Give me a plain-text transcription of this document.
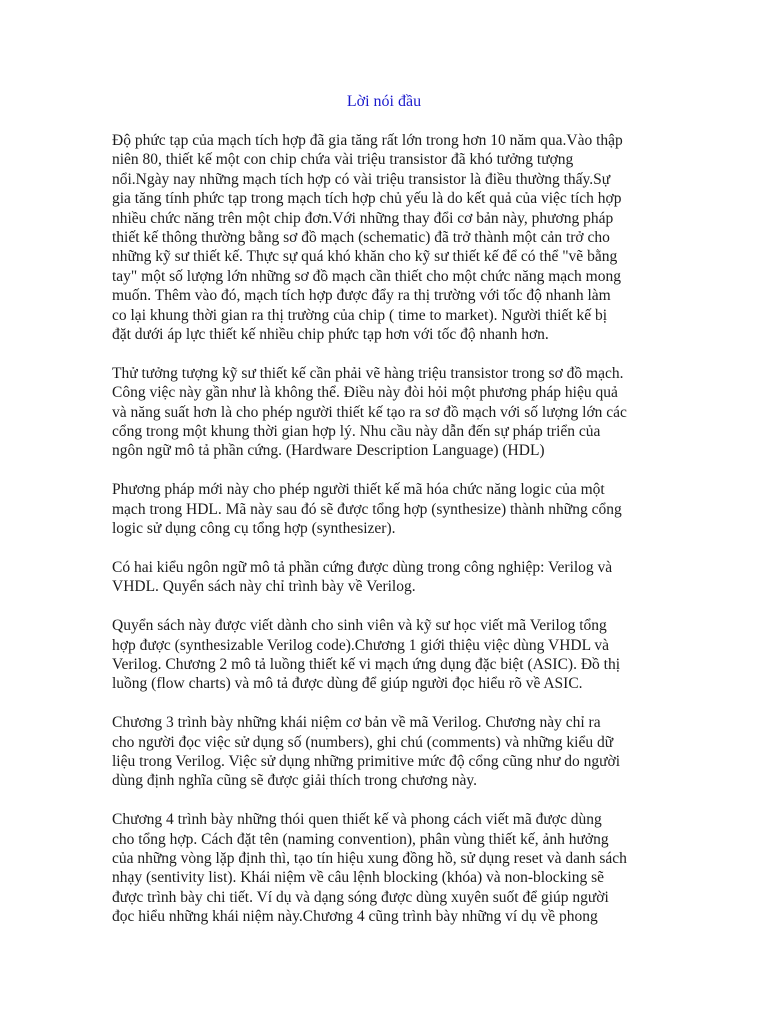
Lời nói đầu

Độ phức tạp của mạch tích hợp đã gia tăng rất lớn trong hơn 10 năm qua.Vào thập
niên 80, thiết kế một con chip chứa vài triệu transistor đã khó tưởng tượng
nổi.Ngày nay những mạch tích hợp có vài triệu transistor là điều thường thấy.Sự
gia tăng tính phức tạp trong mạch tích hợp chủ yếu là do kết quả của việc tích hợp
nhiều chức năng trên một chip đơn.Với những thay đổi cơ bản này, phương pháp
thiết kế thông thường bằng sơ đồ mạch (schematic) đã trở thành một cản trở cho
những kỹ sư thiết kế. Thực sự quá khó khăn cho kỹ sư thiết kế để có thể "vẽ bằng
tay" một số lượng lớn những sơ đồ mạch cần thiết cho một chức năng mạch mong
muốn. Thêm vào đó, mạch tích hợp được đẩy ra thị trường với tốc độ nhanh làm
co lại khung thời gian ra thị trường của chip ( time to market). Người thiết kế bị
đặt dưới áp lực thiết kế nhiều chip phức tạp hơn với tốc độ nhanh hơn.

Thử tưởng tượng kỹ sư thiết kế cần phải vẽ hàng triệu transistor trong sơ đồ mạch.
Công việc này gần như là không thể. Điều này đòi hỏi một phương pháp hiệu quả
và năng suất hơn là cho phép người thiết kế tạo ra sơ đồ mạch với số lượng lớn các
cổng trong một khung thời gian hợp lý. Nhu cầu này dẫn đến sự pháp triển của
ngôn ngữ mô tả phần cứng. (Hardware Description Language) (HDL)

Phương pháp mới này cho phép người thiết kế mã hóa chức năng logic của một
mạch trong HDL. Mã này sau đó sẽ được tổng hợp (synthesize) thành những cổng
logic sử dụng công cụ tổng hợp (synthesizer).

Có hai kiểu ngôn ngữ mô tả phần cứng được dùng trong công nghiệp: Verilog và
VHDL. Quyển sách này chỉ trình bày về Verilog.

Quyển sách này được viết dành cho sinh viên và kỹ sư học viết mã Verilog tổng
hợp được (synthesizable Verilog code).Chương 1 giới thiệu việc dùng VHDL và
Verilog. Chương 2 mô tả luồng thiết kế vi mạch ứng dụng đặc biệt (ASIC). Đồ thị
luồng (flow charts) và mô tả được dùng để giúp người đọc hiểu rõ về ASIC.

Chương 3 trình bày những khái niệm cơ bản về mã Verilog. Chương này chỉ ra
cho người đọc việc sử dụng số (numbers), ghi chú (comments) và những kiểu dữ
liệu trong Verilog. Việc sử dụng những primitive mức độ cổng cũng như do người
dùng định nghĩa cũng sẽ được giải thích trong chương này.

Chương 4 trình bày những thói quen thiết kế và phong cách viết mã được dùng
cho tổng hợp. Cách đặt tên (naming convention), phân vùng thiết kế, ảnh hưởng
của những vòng lặp định thì, tạo tín hiệu xung đồng hồ, sử dụng reset và danh sách
nhạy (sentivity list). Khái niệm về câu lệnh blocking (khóa) và non-blocking sẽ
được trình bày chi tiết. Ví dụ và dạng sóng được dùng xuyên suốt để giúp người
đọc hiểu những khái niệm này.Chương 4 cũng trình bày những ví dụ về phong
